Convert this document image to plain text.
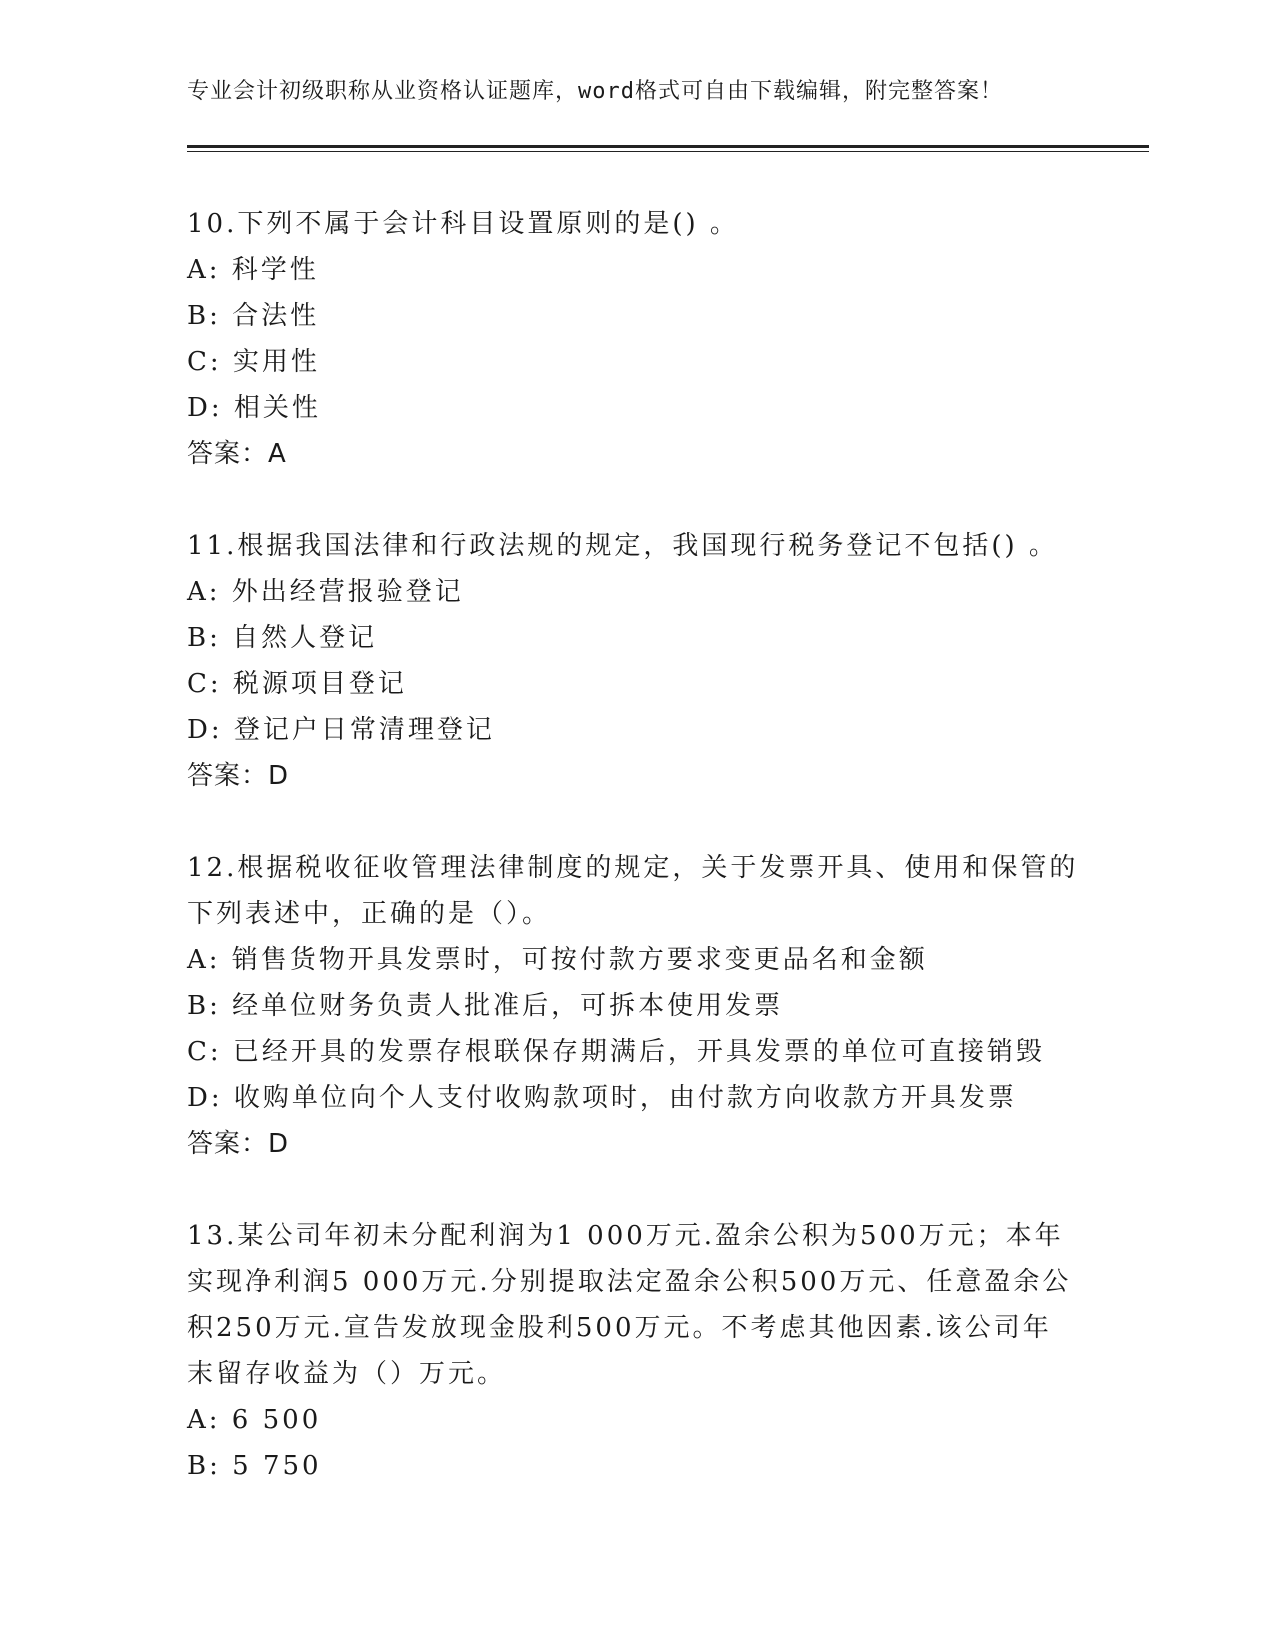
专业会计初级职称从业资格认证题库，word格式可自由下载编辑，附完整答案！
10.下列不属于会计科目设置原则的是() 。
A: 科学性
B: 合法性
C: 实用性
D: 相关性
答案：A
11.根据我国法律和行政法规的规定，我国现行税务登记不包括() 。
A: 外出经营报验登记
B: 自然人登记
C: 税源项目登记
D: 登记户日常清理登记
答案：D
12.根据税收征收管理法律制度的规定，关于发票开具、使用和保管的
下列表述中，正确的是（）。
A: 销售货物开具发票时，可按付款方要求变更品名和金额
B: 经单位财务负责人批准后，可拆本使用发票
C: 已经开具的发票存根联保存期满后，开具发票的单位可直接销毁
D: 收购单位向个人支付收购款项时，由付款方向收款方开具发票
答案：D
13.某公司年初未分配利润为1 000万元.盈余公积为500万元；本年
实现净利润5 000万元.分别提取法定盈余公积500万元、任意盈余公
积250万元.宣告发放现金股利500万元。不考虑其他因素.该公司年
末留存收益为（）万元。
A: 6 500
B: 5 750
